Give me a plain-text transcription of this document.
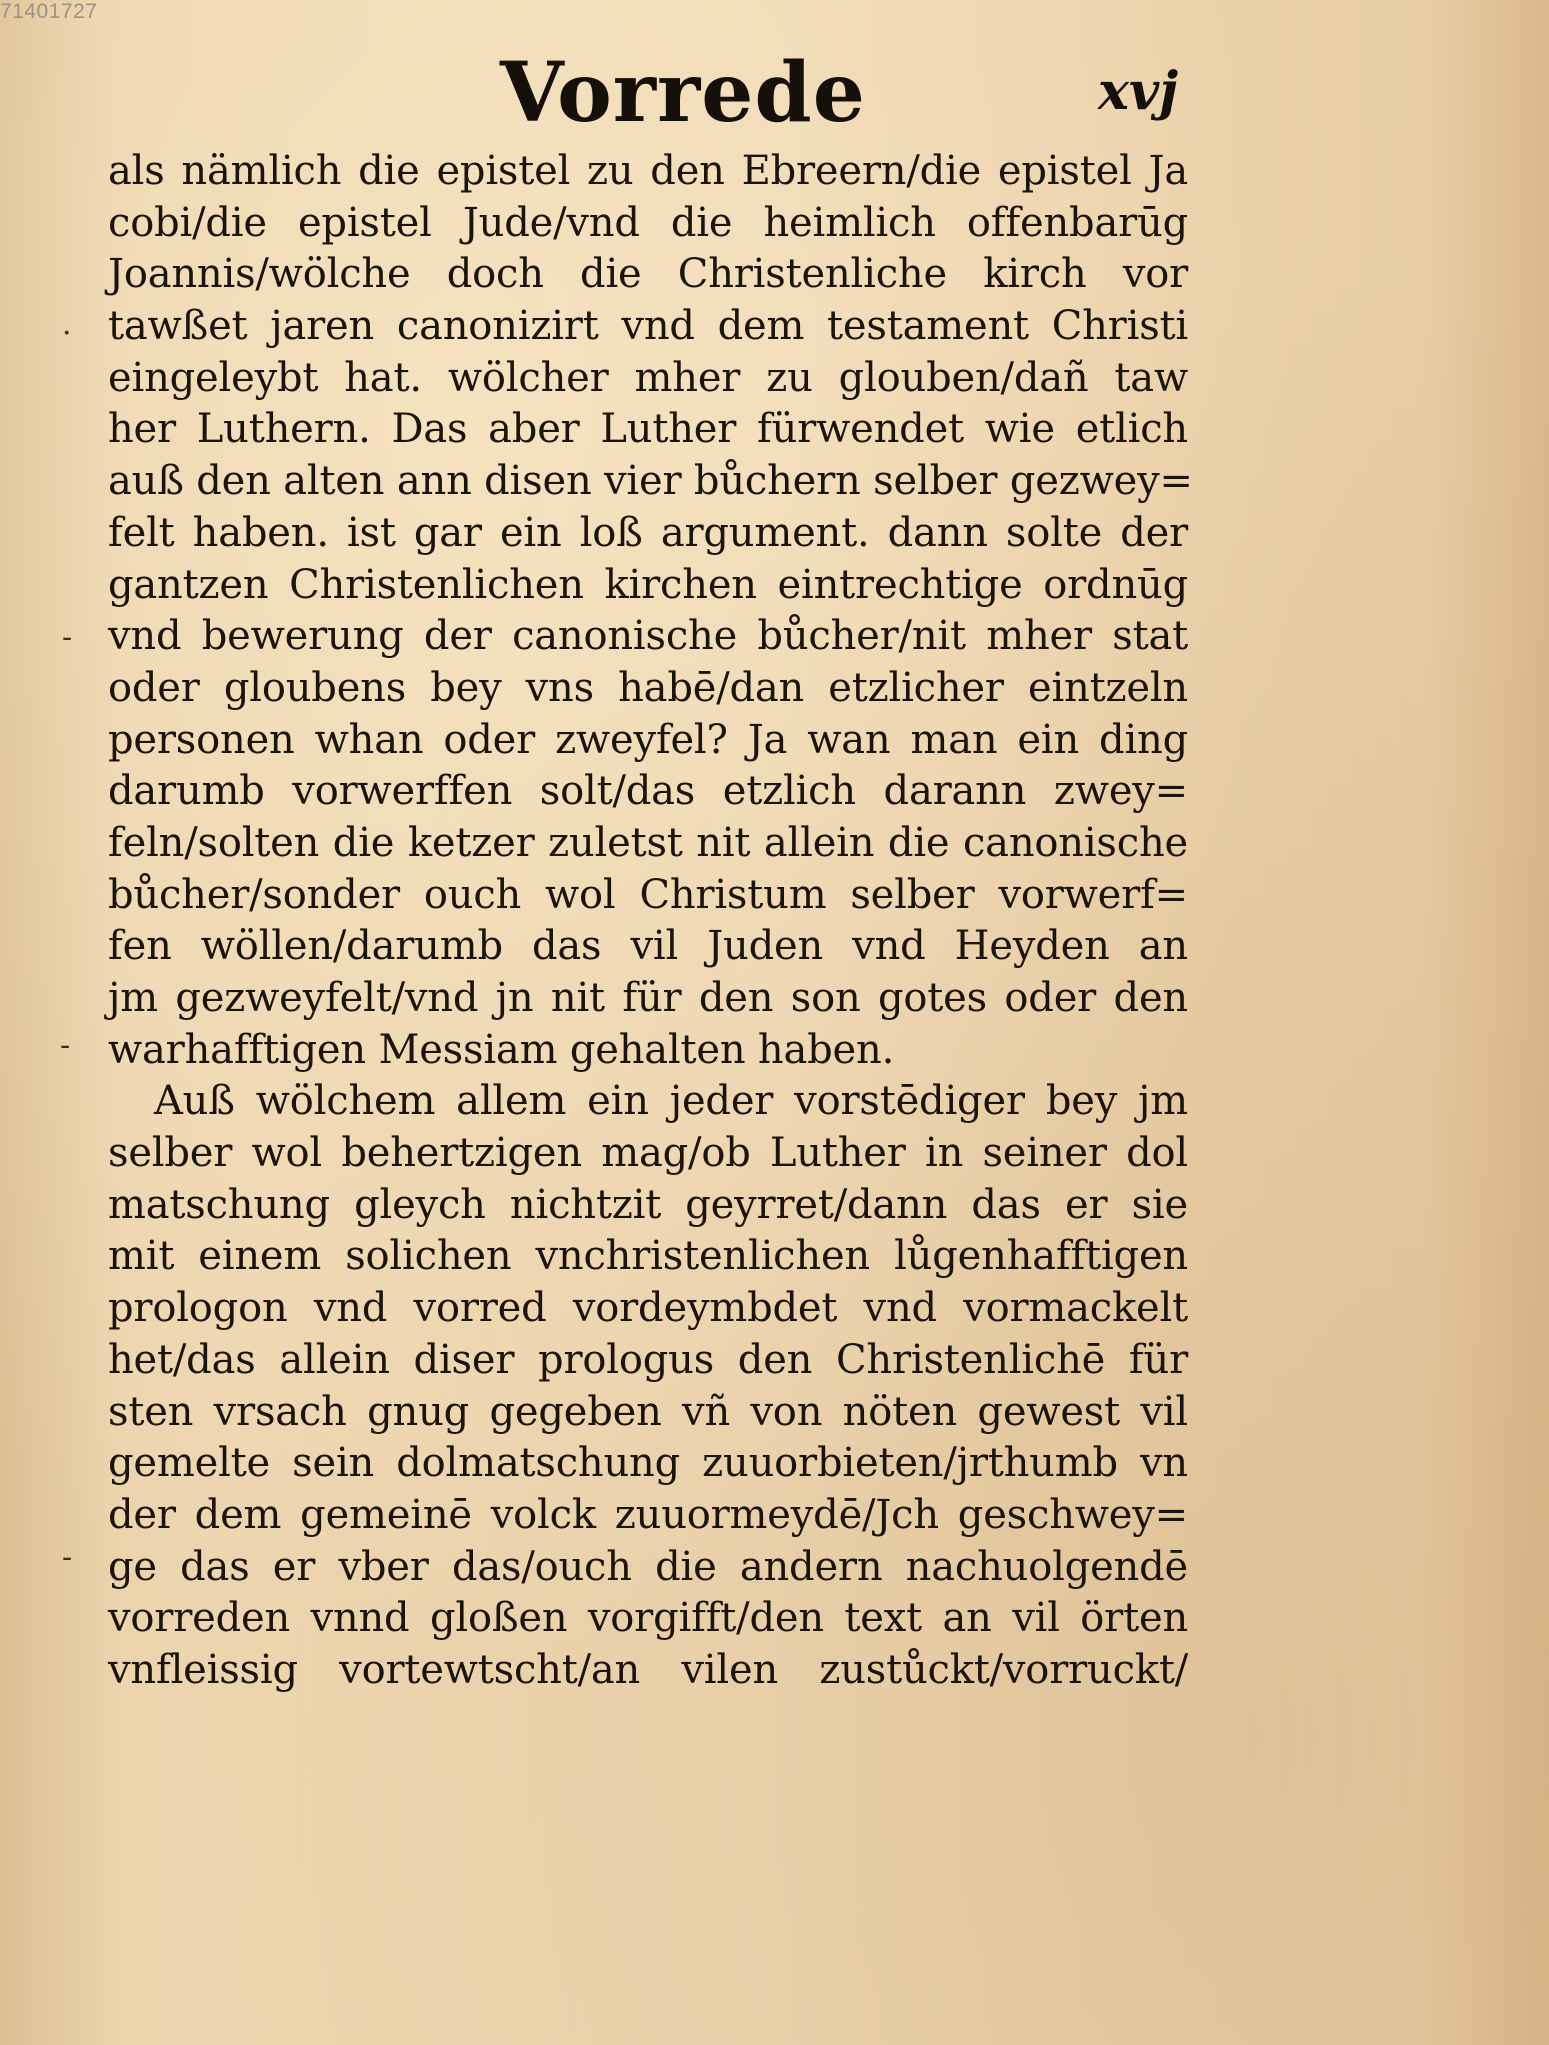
71401727
Vorrede	xvj
·
-
-
-
als nämlich die epistel zu den Ebreern/die epistel Ja
cobi/die epistel Jude/vnd die heimlich offenbarūg
Joannis/wölche doch die Christenliche kirch vor
tawßet jaren canonizirt vnd dem testament Christi
eingeleybt hat. wölcher mher zu glouben/dañ taw
her Luthern. Das aber Luther fürwendet wie etlich
auß den alten ann disen vier bůchern selber gezwey=
felt haben. ist gar ein loß argument. dann solte der
gantzen Christenlichen kirchen eintrechtige ordnūg
vnd bewerung der canonische bůcher/nit mher stat
oder gloubens bey vns habē/dan etzlicher eintzeln
personen whan oder zweyfel? Ja wan man ein ding
darumb vorwerffen solt/das etzlich darann zwey=
feln/solten die ketzer zuletst nit allein die canonische
bůcher/sonder ouch wol Christum selber vorwerf=
fen wöllen/darumb das vil Juden vnd Heyden an
jm gezweyfelt/vnd jn nit für den son gotes oder den
warhafftigen Messiam gehalten haben.
Auß wölchem allem ein jeder vorstēdiger bey jm
selber wol behertzigen mag/ob Luther in seiner dol
matschung gleych nichtzit geyrret/dann das er sie
mit einem solichen vnchristenlichen lůgenhafftigen
prologon vnd vorred vordeymbdet vnd vormackelt
het/das allein diser prologus den Christenlichē für
sten vrsach gnug gegeben vñ von nöten gewest vil
gemelte sein dolmatschung zuuorbieten/jrthumb vn
der dem gemeinē volck zuuormeydē/Jch geschwey=
ge das er vber das/ouch die andern nachuolgendē
vorreden vnnd gloßen vorgifft/den text an vil örten
vnfleissig vortewtscht/an vilen zustůckt/vorruckt/
